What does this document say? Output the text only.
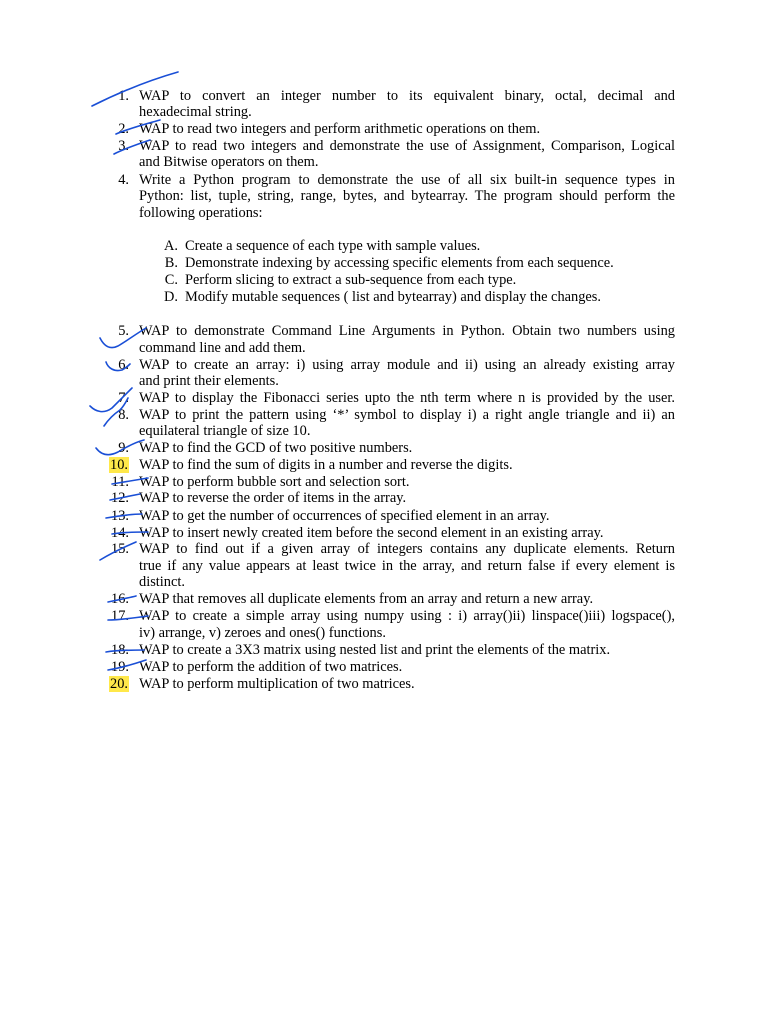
1. WAP to convert an integer number to its equivalent binary, octal, decimal and
hexadecimal string.
2. WAP to read two integers and perform arithmetic operations on them.
3. WAP to read two integers and demonstrate the use of Assignment, Comparison, Logical
and Bitwise operators on them.
4. Write a Python program to demonstrate the use of all six built-in sequence types in
Python: list, tuple, string, range, bytes, and bytearray. The program should perform the
following operations:
A. Create a sequence of each type with sample values.
B. Demonstrate indexing by accessing specific elements from each sequence.
C. Perform slicing to extract a sub-sequence from each type.
D. Modify mutable sequences ( list and bytearray) and display the changes.
5. WAP to demonstrate Command Line Arguments in Python. Obtain two numbers using
command line and add them.
6. WAP to create an array: i) using array module and ii) using an already existing array
and print their elements.
7. WAP to display the Fibonacci series upto the nth term where n is provided by the user.
8. WAP to print the pattern using ‘*’ symbol to display i) a right angle triangle and ii) an
equilateral triangle of size 10.
9. WAP to find the GCD of two positive numbers.
10. WAP to find the sum of digits in a number and reverse the digits.
11. WAP to perform bubble sort and selection sort.
12. WAP to reverse the order of items in the array.
13. WAP to get the number of occurrences of specified element in an array.
14. WAP to insert newly created item before the second element in an existing array.
15. WAP to find out if a given array of integers contains any duplicate elements. Return
true if any value appears at least twice in the array, and return false if every element is
distinct.
16. WAP that removes all duplicate elements from an array and return a new array.
17. WAP to create a simple array using numpy using : i) array()ii) linspace()iii) logspace(),
iv) arrange, v) zeroes and ones() functions.
18. WAP to create a 3X3 matrix using nested list and print the elements of the matrix.
19. WAP to perform the addition of two matrices.
20. WAP to perform multiplication of two matrices.
